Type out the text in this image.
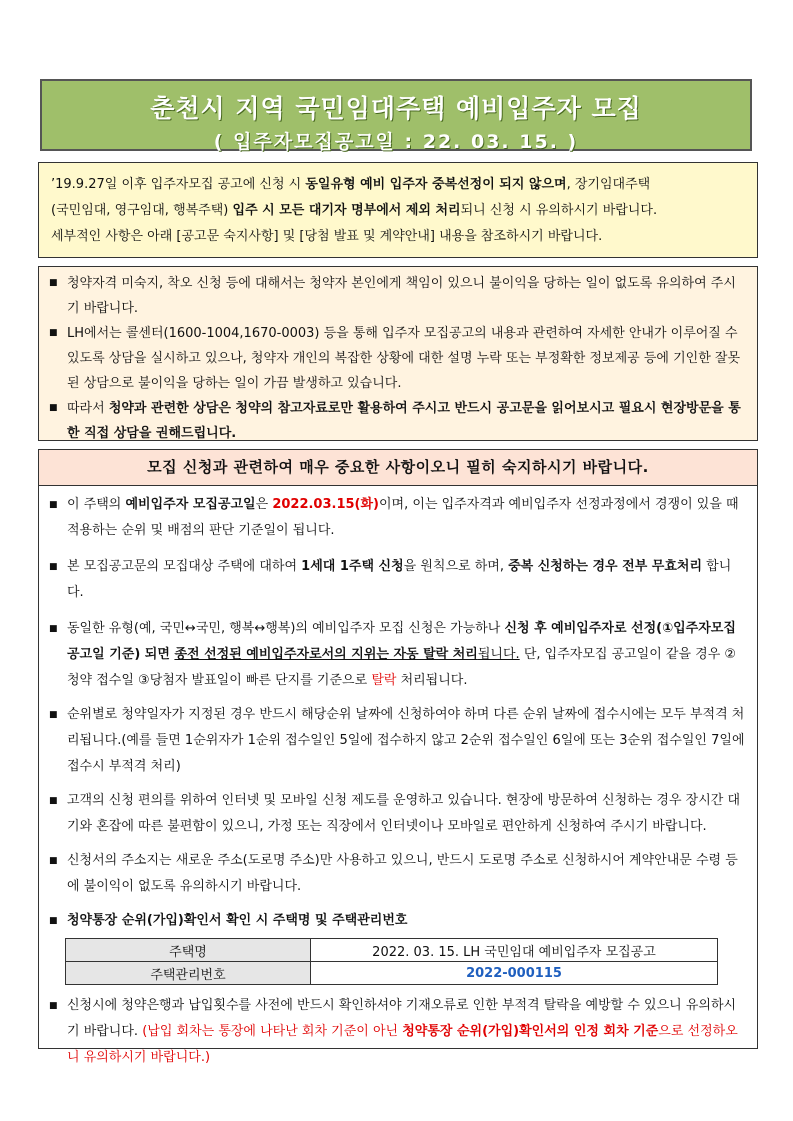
춘천시 지역 국민임대주택 예비입주자 모집
( 입주자모집공고일 : 22. 03. 15. )
’19.9.27일 이후 입주자모집 공고에 신청 시 동일유형 예비 입주자 중복선정이 되지 않으며, 장기임대주택
(국민임대, 영구임대, 행복주택) 입주 시 모든 대기자 명부에서 제외 처리되니 신청 시 유의하시기 바랍니다.
세부적인 사항은 아래 [공고문 숙지사항] 및 [당첨 발표 및 계약안내] 내용을 참조하시기 바랍니다.
■ 청약자격 미숙지, 착오 신청 등에 대해서는 청약자 본인에게 책임이 있으니 불이익을 당하는 일이 없도록 유의하여 주시기 바랍니다.
■ LH에서는 콜센터(1600-1004,1670-0003) 등을 통해 입주자 모집공고의 내용과 관련하여 자세한 안내가 이루어질 수 있도록 상담을 실시하고 있으나, 청약자 개인의 복잡한 상황에 대한 설명 누락 또는 부정확한 정보제공 등에 기인한 잘못된 상담으로 불이익을 당하는 일이 가끔 발생하고 있습니다.
■ 따라서 청약과 관련한 상담은 청약의 참고자료로만 활용하여 주시고 반드시 공고문을 읽어보시고 필요시 현장방문을 통한 직접 상담을 권해드립니다.
모집 신청과 관련하여 매우 중요한 사항이오니 필히 숙지하시기 바랍니다.
■ 이 주택의 예비입주자 모집공고일은 2022.03.15(화)이며, 이는 입주자격과 예비입주자 선정과정에서 경쟁이 있을 때 적용하는 순위 및 배점의 판단 기준일이 됩니다.
■ 본 모집공고문의 모집대상 주택에 대하여 1세대 1주택 신청을 원칙으로 하며, 중복 신청하는 경우 전부 무효처리 합니다.
■ 동일한 유형(예, 국민↔국민, 행복↔행복)의 예비입주자 모집 신청은 가능하나 신청 후 예비입주자로 선정(①입주자모집 공고일 기준) 되면 종전 선정된 예비입주자로서의 지위는 자동 탈락 처리됩니다. 단, 입주자모집 공고일이 같을 경우 ②청약 접수일 ③당첨자 발표일이 빠른 단지를 기준으로 탈락 처리됩니다.
■ 순위별로 청약일자가 지정된 경우 반드시 해당순위 날짜에 신청하여야 하며 다른 순위 날짜에 접수시에는 모두 부적격 처리됩니다.(예를 들면 1순위자가 1순위 접수일인 5일에 접수하지 않고 2순위 접수일인 6일에 또는 3순위 접수일인 7일에 접수시 부적격 처리)
■ 고객의 신청 편의를 위하여 인터넷 및 모바일 신청 제도를 운영하고 있습니다. 현장에 방문하여 신청하는 경우 장시간 대기와 혼잡에 따른 불편함이 있으니, 가정 또는 직장에서 인터넷이나 모바일로 편안하게 신청하여 주시기 바랍니다.
■ 신청서의 주소지는 새로운 주소(도로명 주소)만 사용하고 있으니, 반드시 도로명 주소로 신청하시어 계약안내문 수령 등에 불이익이 없도록 유의하시기 바랍니다.
■ 청약통장 순위(가입)확인서 확인 시 주택명 및 주택관리번호
주택명	2022. 03. 15. LH 국민임대 예비입주자 모집공고
주택관리번호	2022-000115
■ 신청시에 청약은행과 납입횟수를 사전에 반드시 확인하셔야 기재오류로 인한 부적격 탈락을 예방할 수 있으니 유의하시기 바랍니다. (납입 회차는 통장에 나타난 회차 기준이 아닌 청약통장 순위(가입)확인서의 인정 회차 기준으로 선정하오니 유의하시기 바랍니다.)
